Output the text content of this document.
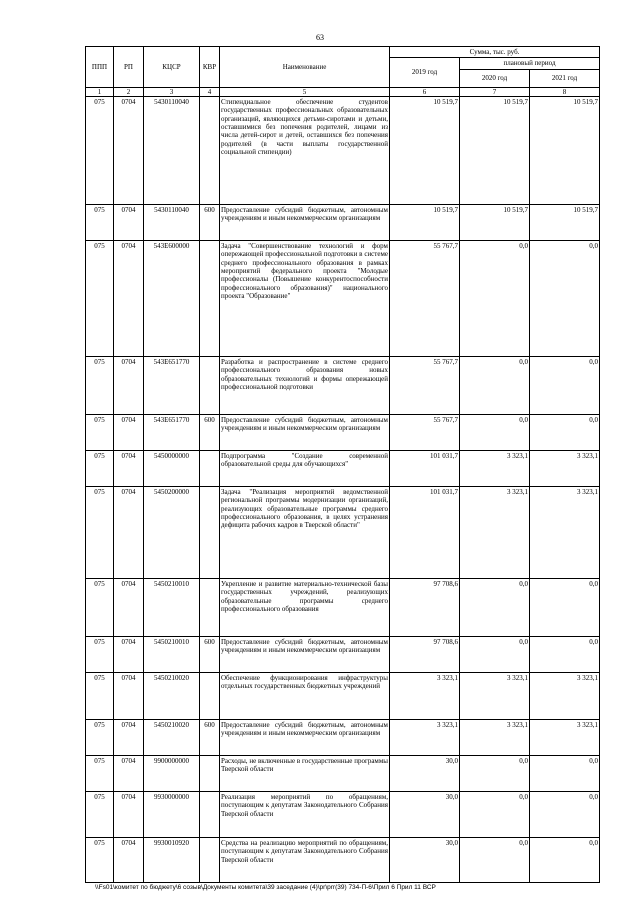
63
ППП	РП	КЦСР	КВР	Наименование	Сумма, тыс. руб.		
					2019 год	плановый период	
						2020 год	2021 год
1	2	3	4	5	6	7	8
075	0704	5430110040		Стипендиальное обеспечение студентов государственных профессиональных образовательных организаций, являющихся детьми-сиротами и детьми, оставшимися без попечения родителей, лицами из числа детей-сирот и детей, оставшихся без попечения родителей (в части выплаты государственной социальной стипендии)	10 519,7	10 519,7	10 519,7
075	0704	5430110040	600	Предоставление субсидий бюджетным, автономным учреждениям и иным некоммерческим организациям	10 519,7	10 519,7	10 519,7
075	0704	543E600000		Задача "Совершенствование технологий и форм опережающей профессиональной подготовки в системе среднего профессионального образования в рамках мероприятий федерального проекта "Молодые профессионалы (Повышение конкурентоспособности профессионального образования)" национального проекта "Образование"	55 767,7	0,0	0,0
075	0704	543E651770		Разработка и распространение в системе среднего профессионального образования новых образовательных технологий и формы опережающей профессиональной подготовки	55 767,7	0,0	0,0
075	0704	543E651770	600	Предоставление субсидий бюджетным, автономным учреждениям и иным некоммерческим организациям	55 767,7	0,0	0,0
075	0704	5450000000		Подпрограмма "Создание современной образовательной среды для обучающихся"	101 031,7	3 323,1	3 323,1
075	0704	5450200000		Задача "Реализация мероприятий ведомственной региональной программы модернизации организаций, реализующих образовательные программы среднего профессионального образования, в целях устранения дефицита рабочих кадров в Тверской области"	101 031,7	3 323,1	3 323,1
075	0704	5450210010		Укрепление и развитие материально-технической базы государственных учреждений, реализующих образовательные программы среднего профессионального образования	97 708,6	0,0	0,0
075	0704	5450210010	600	Предоставление субсидий бюджетным, автономным учреждениям и иным некоммерческим организациям	97 708,6	0,0	0,0
075	0704	5450210020		Обеспечение функционирования инфраструктуры отдельных государственных бюджетных учреждений	3 323,1	3 323,1	3 323,1
075	0704	5450210020	600	Предоставление субсидий бюджетным, автономным учреждениям и иным некоммерческим организациям	3 323,1	3 323,1	3 323,1
075	0704	9900000000		Расходы, не включенные в государственные программы Тверской области	30,0	0,0	0,0
075	0704	9930000000		Реализация мероприятий по обращениям, поступающим к депутатам Законодательного Собрания Тверской области	30,0	0,0	0,0
075	0704	9930010920		Средства на реализацию мероприятий по обращениям, поступающим к депутатам Законодательного Собрания Тверской области	30,0	0,0	0,0
\\Fs01\комитет по бюджету\6 созыв\Документы комитета\39 заседание (4)\pr\prr(39) 734-П-6\Прил 6 Прил 11 ВСР
